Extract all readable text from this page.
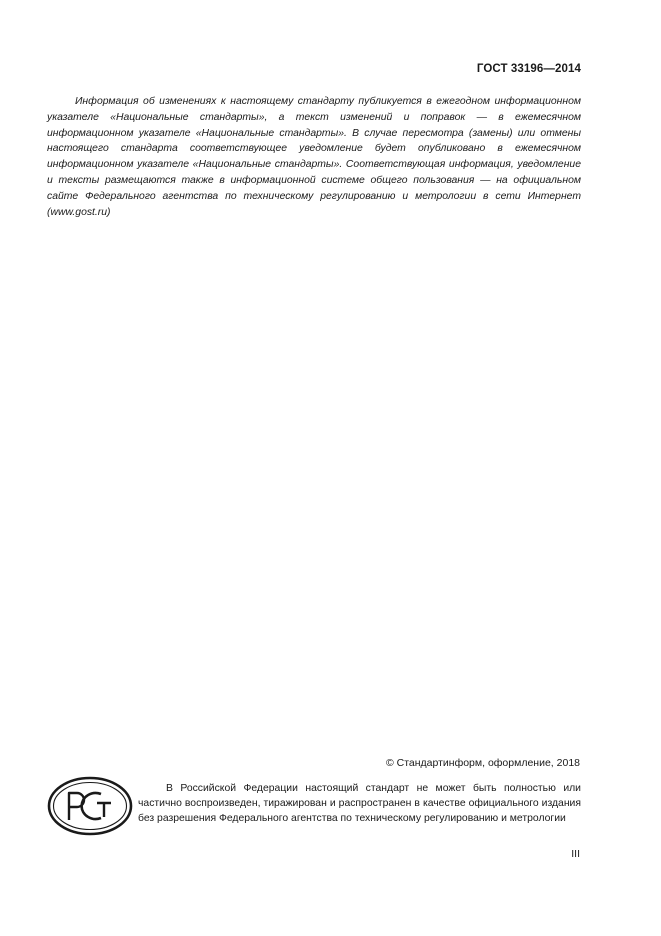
ГОСТ 33196—2014

Информация об изменениях к настоящему стандарту публикуется в ежегодном информационном указателе «Национальные стандарты», а текст изменений и поправок — в ежемесячном информационном указателе «Национальные стандарты». В случае пересмотра (замены) или отмены настоящего стандарта соответствующее уведомление будет опубликовано в ежемесячном информационном указателе «Национальные стандарты». Соответствующая информация, уведомление и тексты размещаются также в информационной системе общего пользования — на официальном сайте Федерального агентства по техническому регулированию и метрологии в сети Интернет (www.gost.ru)

© Стандартинформ, оформление, 2018

В Российской Федерации настоящий стандарт не может быть полностью или частично воспроизведен, тиражирован и распространен в качестве официального издания без разрешения Федерального агентства по техническому регулированию и метрологии

III
